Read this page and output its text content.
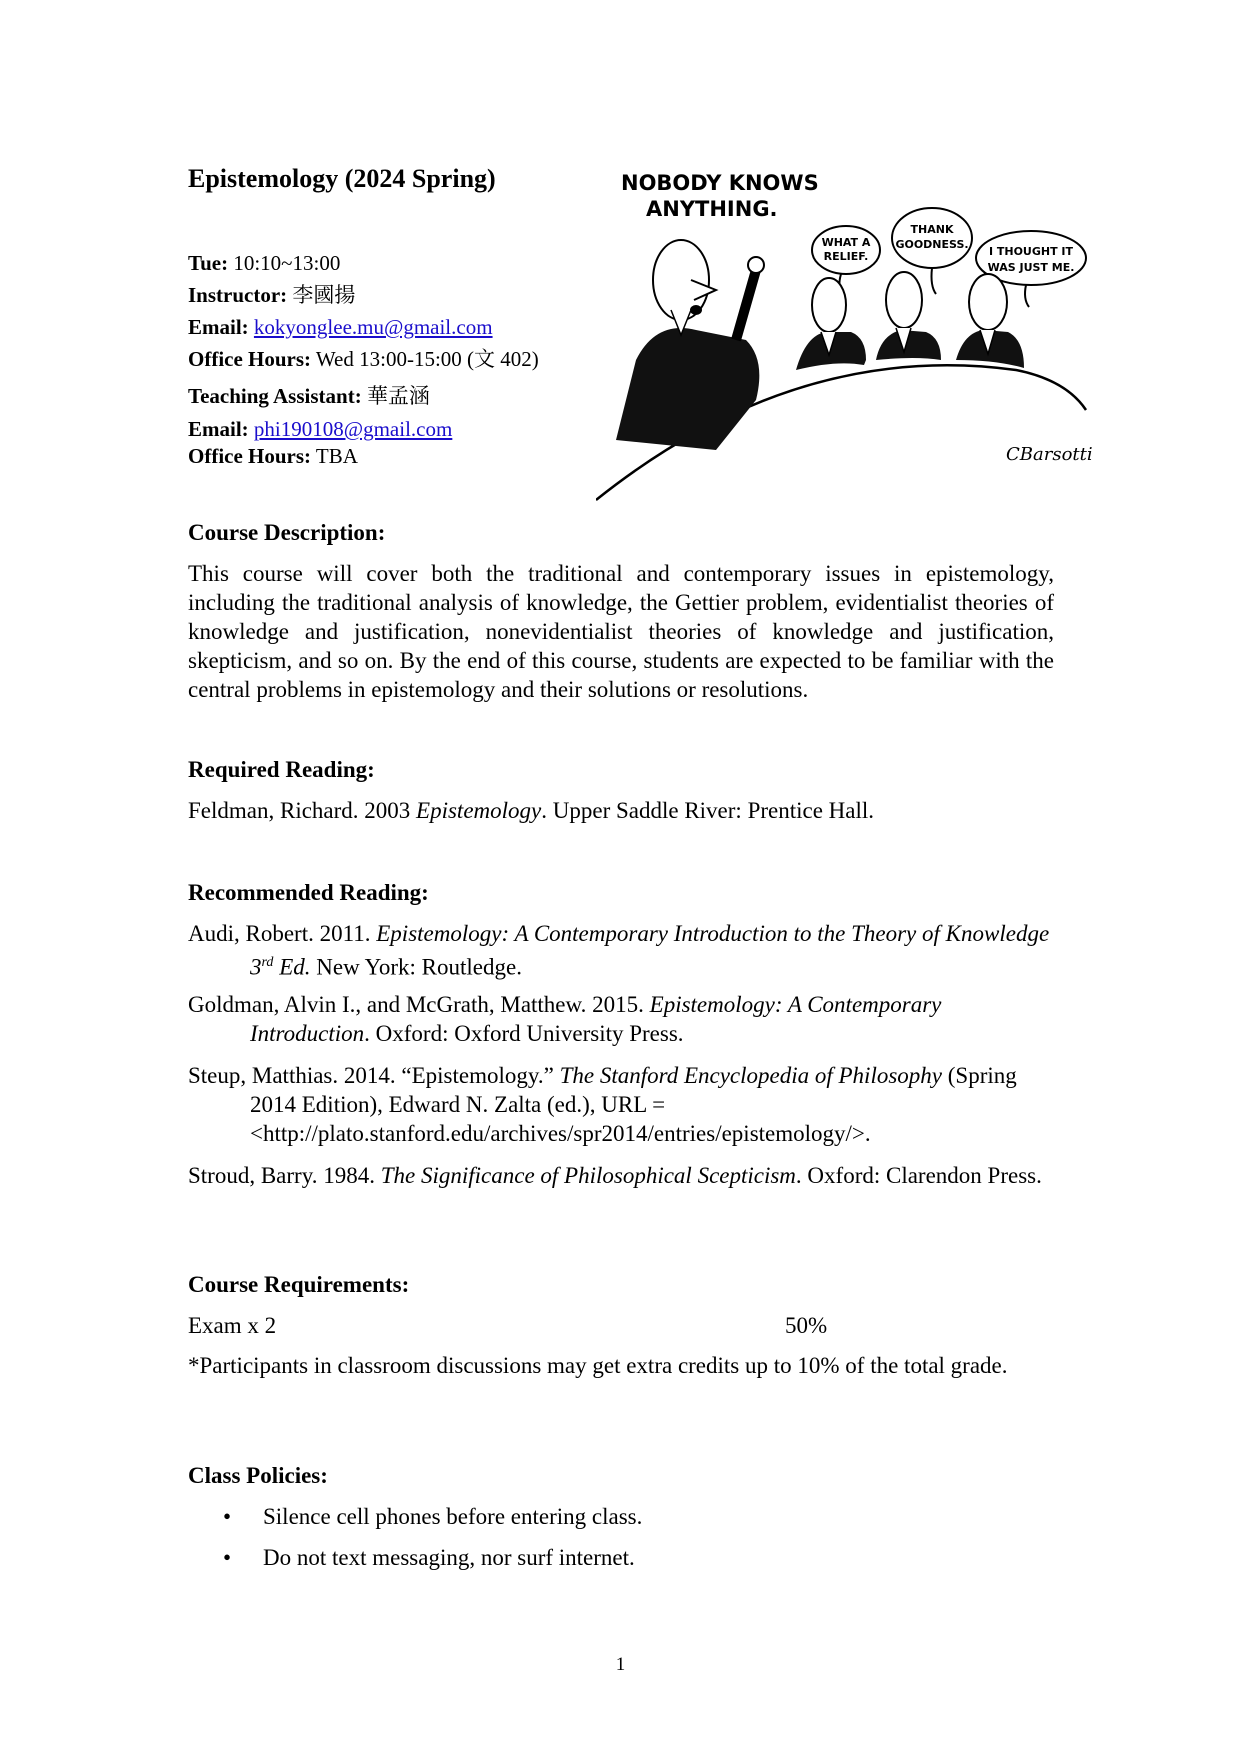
Epistemology (2024 Spring)
Tue: 10:10~13:00
Instructor: 李國揚
Email: kokyonglee.mu@gmail.com
Office Hours: Wed 13:00-15:00 (文 402)
Teaching Assistant: 華孟涵
Email: phi190108@gmail.com
Office Hours: TBA
NOBODY KNOWS
ANYTHING.
WHAT A
RELIEF.
THANK
GOODNESS.
I THOUGHT IT
WAS JUST ME.
CBarsotti
Course Description:
This course will cover both the traditional and contemporary issues in epistemology, including the traditional analysis of knowledge, the Gettier problem, evidentialist theories of knowledge and justification, nonevidentialist theories of knowledge and justification, skepticism, and so on. By the end of this course, students are expected to be familiar with the central problems in epistemology and their solutions or resolutions.
Required Reading:
Feldman, Richard. 2003 Epistemology. Upper Saddle River: Prentice Hall.
Recommended Reading:
Audi, Robert. 2011. Epistemology: A Contemporary Introduction to the Theory of Knowledge 3rd Ed. New York: Routledge.
Goldman, Alvin I., and McGrath, Matthew. 2015. Epistemology: A Contemporary Introduction. Oxford: Oxford University Press.
Steup, Matthias. 2014. “Epistemology.” The Stanford Encyclopedia of Philosophy (Spring 2014 Edition), Edward N. Zalta (ed.), URL = <http://plato.stanford.edu/archives/spr2014/entries/epistemology/>.
Stroud, Barry. 1984. The Significance of Philosophical Scepticism. Oxford: Clarendon Press.
Course Requirements:
Exam x 2	50%
*Participants in classroom discussions may get extra credits up to 10% of the total grade.
Class Policies:
• Silence cell phones before entering class.
• Do not text messaging, nor surf internet.
1
